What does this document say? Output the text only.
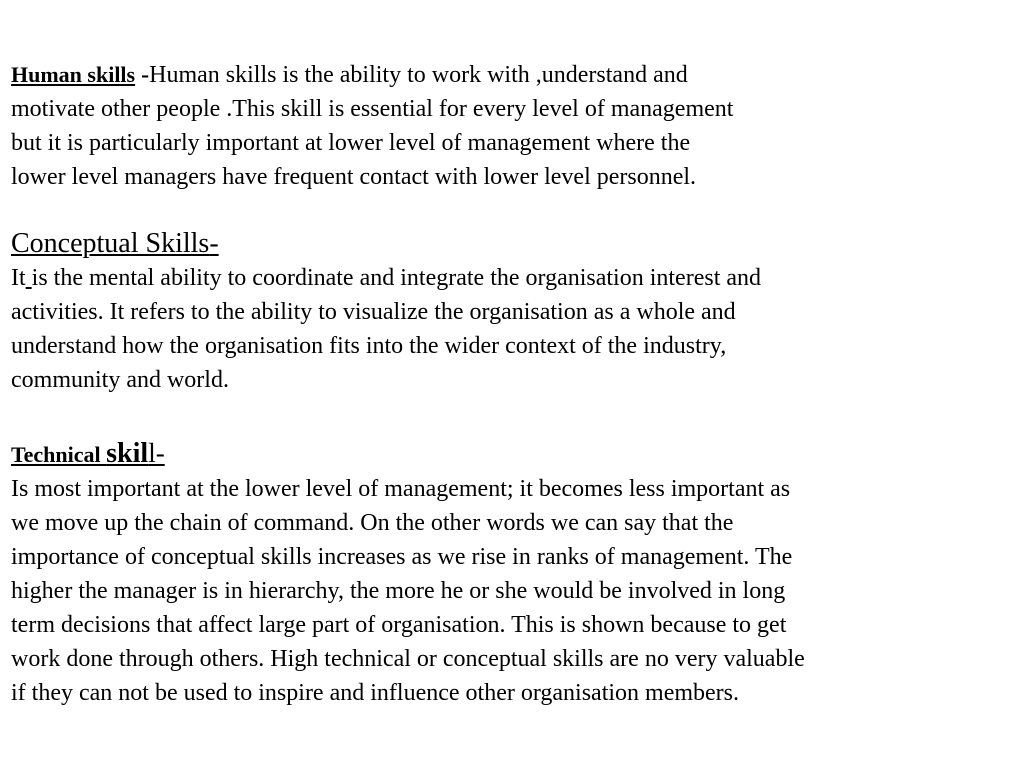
Human skills -Human skills is the ability to work with ,understand and
motivate other people .This skill is essential for every level of management
but it is particularly important at lower level of management where the
lower level managers have frequent contact with lower level personnel.
Conceptual Skills-
It is the mental ability to coordinate and integrate the organisation interest and
activities. It refers to the ability to visualize the organisation as a whole and
understand how the organisation fits into the wider context of the industry,
community and world.
Technical skill-
Is most important at the lower level of management; it becomes less important as
we move up the chain of command. On the other words we can say that the
importance of conceptual skills increases as we rise in ranks of management. The
higher the manager is in hierarchy, the more he or she would be involved in long
term decisions that affect large part of organisation. This is shown because to get
work done through others. High technical or conceptual skills are no very valuable
if they can not be used to inspire and influence other organisation members.
